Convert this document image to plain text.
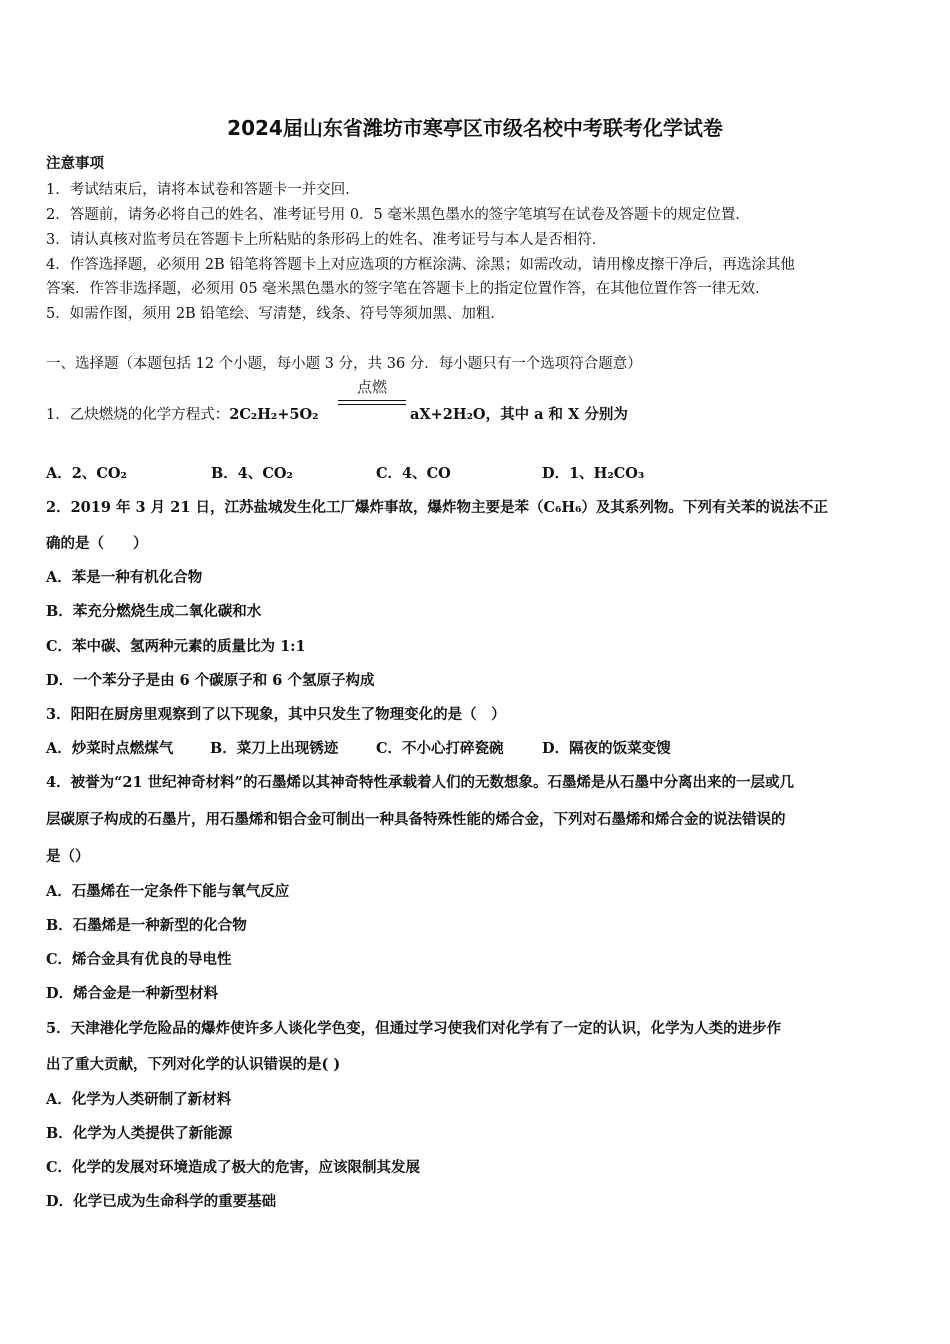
2024届山东省潍坊市寒亭区市级名校中考联考化学试卷
注意事项
1．考试结束后，请将本试卷和答题卡一并交回．
2．答题前，请务必将自己的姓名、准考证号用 0．5 毫米黑色墨水的签字笔填写在试卷及答题卡的规定位置．
3．请认真核对监考员在答题卡上所粘贴的条形码上的姓名、准考证号与本人是否相符．
4．作答选择题，必须用 2B 铅笔将答题卡上对应选项的方框涂满、涂黑；如需改动，请用橡皮擦干净后，再选涂其他
答案．作答非选择题，必须用 05 毫米黑色墨水的签字笔在答题卡上的指定位置作答，在其他位置作答一律无效．
5．如需作图，须用 2B 铅笔绘、写清楚，线条、符号等须加黑、加粗．
一、选择题（本题包括 12 个小题，每小题 3 分，共 36 分．每小题只有一个选项符合题意）
1．乙炔燃烧的化学方程式：2C₂H₂+5O₂
点燃
aX+2H₂O，其中 a 和 X 分别为
A．2、CO₂	B．4、CO₂	C．4、CO	D．1、H₂CO₃
2．2019 年 3 月 21 日，江苏盐城发生化工厂爆炸事故，爆炸物主要是苯（C₆H₆）及其系列物。下列有关苯的说法不正
确的是（　　）
A．苯是一种有机化合物
B．苯充分燃烧生成二氧化碳和水
C．苯中碳、氢两种元素的质量比为 1:1
D．一个苯分子是由 6 个碳原子和 6 个氢原子构成
3．阳阳在厨房里观察到了以下现象，其中只发生了物理变化的是（　）
A．炒菜时点燃煤气	B．菜刀上出现锈迹	C．不小心打碎瓷碗	D．隔夜的饭菜变馊
4．被誉为“21 世纪神奇材料”的石墨烯以其神奇特性承载着人们的无数想象。石墨烯是从石墨中分离出来的一层或几
层碳原子构成的石墨片，用石墨烯和铝合金可制出一种具备特殊性能的烯合金，下列对石墨烯和烯合金的说法错误的
是（）
A．石墨烯在一定条件下能与氧气反应
B．石墨烯是一种新型的化合物
C．烯合金具有优良的导电性
D．烯合金是一种新型材料
5．天津港化学危险品的爆炸使许多人谈化学色变，但通过学习使我们对化学有了一定的认识，化学为人类的进步作
出了重大贡献，下列对化学的认识错误的是( )
A．化学为人类研制了新材料
B．化学为人类提供了新能源
C．化学的发展对环境造成了极大的危害，应该限制其发展
D．化学已成为生命科学的重要基础
